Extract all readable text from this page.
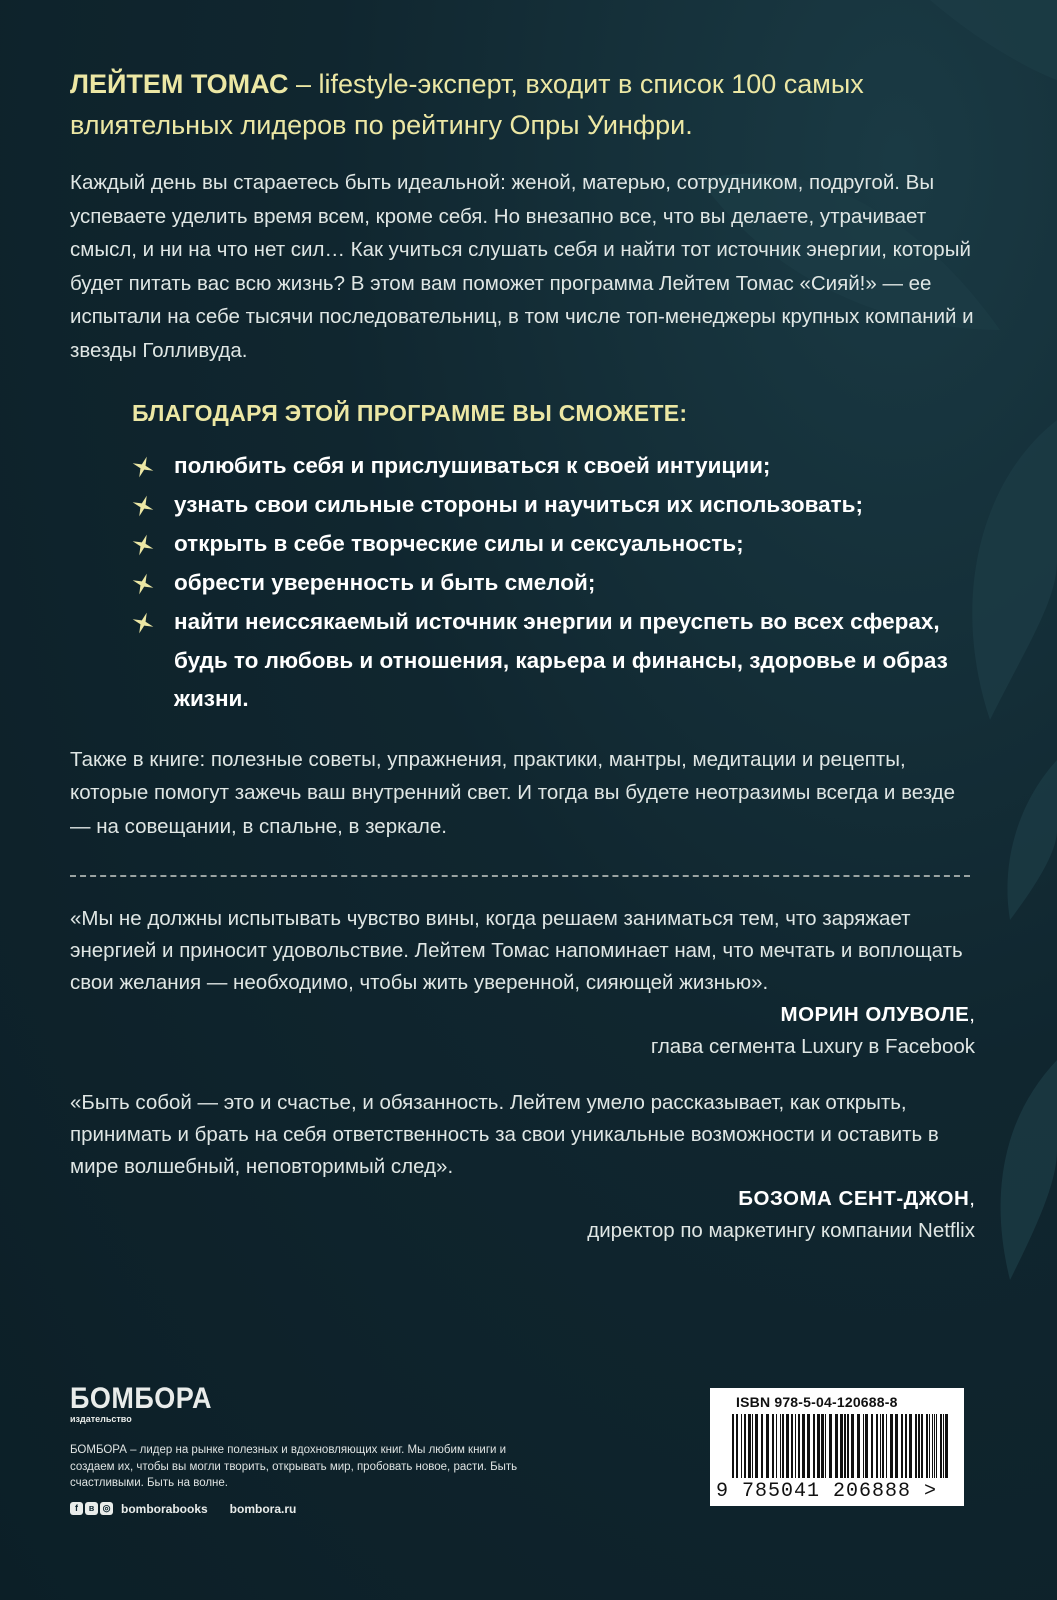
ЛЕЙТЕМ ТОМАС – lifestyle-эксперт, входит в список 100 самых влиятельных лидеров по рейтингу Опры Уинфри.

Каждый день вы стараетесь быть идеальной: женой, матерью, сотрудником, подругой. Вы успеваете уделить время всем, кроме себя. Но внезапно все, что вы делаете, утрачивает смысл, и ни на что нет сил… Как учиться слушать себя и найти тот источник энергии, который будет питать вас всю жизнь? В этом вам поможет программа Лейтем Томас «Сияй!» — ее испытали на себе тысячи последовательниц, в том числе топ-менеджеры крупных компаний и звезды Голливуда.

БЛАГОДАРЯ ЭТОЙ ПРОГРАММЕ ВЫ СМОЖЕТЕ:
полюбить себя и прислушиваться к своей интуиции;
узнать свои сильные стороны и научиться их использовать;
открыть в себе творческие силы и сексуальность;
обрести уверенность и быть смелой;
найти неиссякаемый источник энергии и преуспеть во всех сферах, будь то любовь и отношения, карьера и финансы, здоровье и образ жизни.

Также в книге: полезные советы, упражнения, практики, мантры, медитации и рецепты, которые помогут зажечь ваш внутренний свет. И тогда вы будете неотразимы всегда и везде — на совещании, в спальне, в зеркале.

«Мы не должны испытывать чувство вины, когда решаем заниматься тем, что заряжает энергией и приносит удовольствие. Лейтем Томас напоминает нам, что мечтать и воплощать свои желания — необходимо, чтобы жить уверенной, сияющей жизнью».

МОРИН ОЛУВОЛЕ,
глава сегмента Luxury в Facebook

«Быть собой — это и счастье, и обязанность. Лейтем умело рассказывает, как открыть, принимать и брать на себя ответственность за свои уникальные возможности и оставить в мире волшебный, неповторимый след».

БОЗОМА СЕНТ-ДЖОН,
директор по маркетингу компании Netflix
БОМБОРА
издательство
БОМБОРА – лидер на рынке полезных и вдохновляющих книг. Мы любим книги и создаем их, чтобы вы могли творить, открывать мир, пробовать новое, расти. Быть счастливыми. Быть на волне.
f	в ◎ bomborabooks bombora.ru
ISBN 978-5-04-120688-8
9 785041 206888 >
